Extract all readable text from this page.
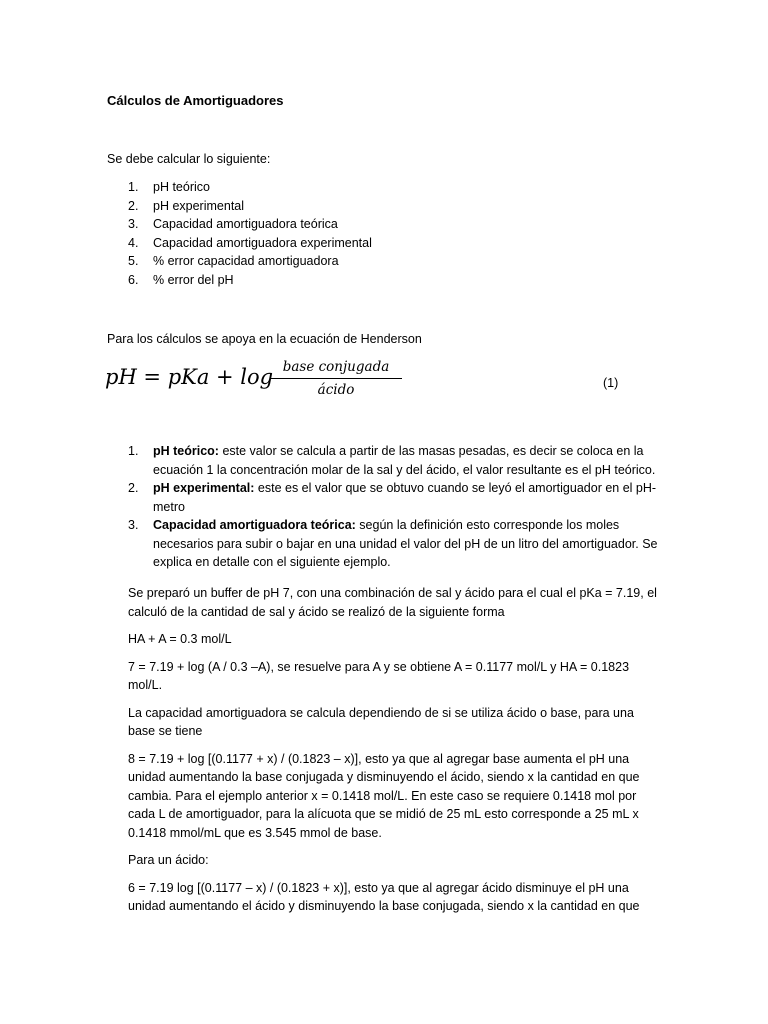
Cálculos de Amortiguadores
Se debe calcular lo siguiente:
1. pH teórico
2. pH experimental
3. Capacidad amortiguadora teórica
4. Capacidad amortiguadora experimental
5. % error capacidad amortiguadora
6. % error del pH
Para los cálculos se apoya en la ecuación de Henderson
pH = pKa + log base conjugada
ácido	(1)
1. pH teórico: este valor se calcula a partir de las masas pesadas, es decir se coloca en la ecuación 1 la concentración molar de la sal y del ácido, el valor resultante es el pH teórico.
2. pH experimental: este es el valor que se obtuvo cuando se leyó el amortiguador en el pH-metro
3. Capacidad amortiguadora teórica: según la definición esto corresponde los moles necesarios para subir o bajar en una unidad el valor del pH de un litro del amortiguador. Se explica en detalle con el siguiente ejemplo.

Se preparó un buffer de pH 7, con una combinación de sal y ácido para el cual el pKa = 7.19, el calculó de la cantidad de sal y ácido se realizó de la siguiente forma

HA + A = 0.3 mol/L

7 = 7.19 + log (A / 0.3 –A), se resuelve para A y se obtiene A = 0.1177 mol/L y HA = 0.1823 mol/L.

La capacidad amortiguadora se calcula dependiendo de si se utiliza ácido o base, para una base se tiene

8 = 7.19 + log [(0.1177 + x) / (0.1823 – x)], esto ya que al agregar base aumenta el pH una unidad aumentando la base conjugada y disminuyendo el ácido, siendo x la cantidad en que cambia. Para el ejemplo anterior x = 0.1418 mol/L. En este caso se requiere 0.1418 mol por cada L de amortiguador, para la alícuota que se midió de 25 mL esto corresponde a 25 mL x 0.1418 mmol/mL que es 3.545 mmol de base.

Para un ácido:

6 = 7.19 log [(0.1177 – x) / (0.1823 + x)], esto ya que al agregar ácido disminuye el pH una unidad aumentando el ácido y disminuyendo la base conjugada, siendo x la cantidad en que
